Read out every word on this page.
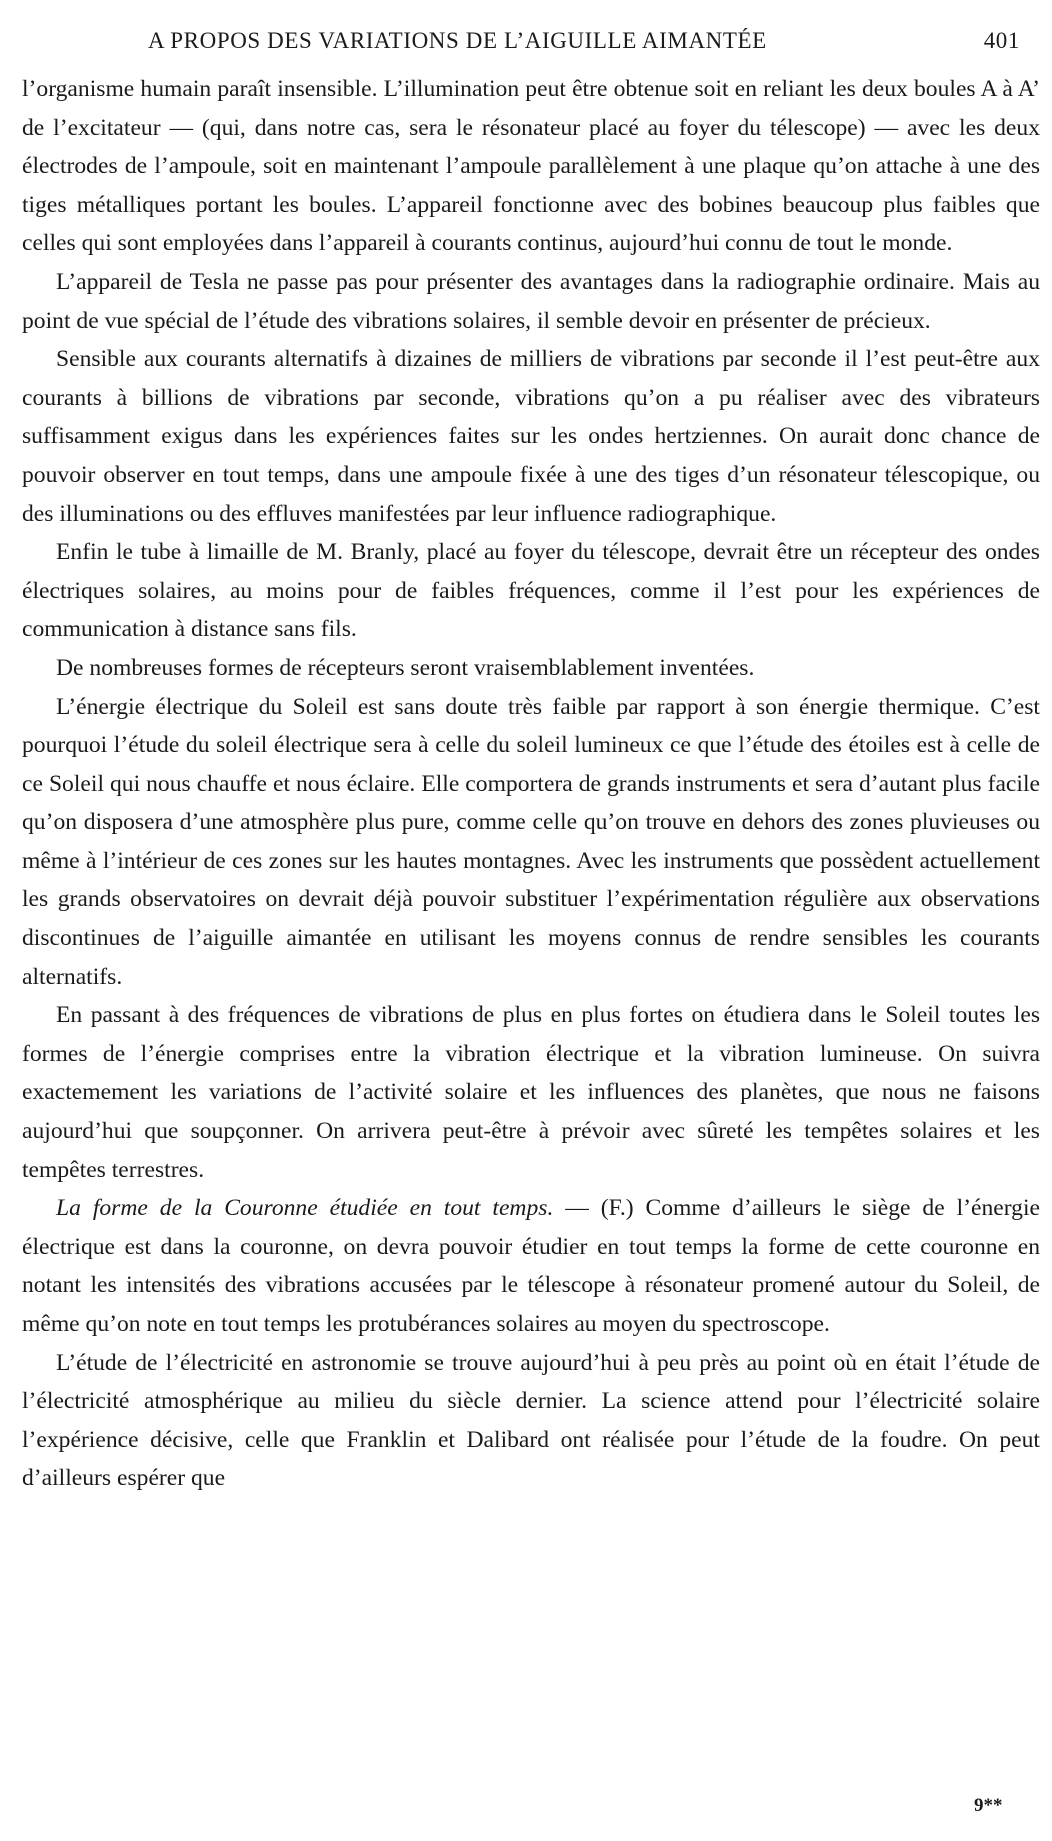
A PROPOS DES VARIATIONS DE L’AIGUILLE AIMANTÉE	401

l’organisme humain paraît insensible. L’illumination peut être obtenue soit en reliant les deux boules A à A’ de l’excitateur — (qui, dans notre cas, sera le résonateur placé au foyer du télescope) — avec les deux électrodes de l’ampoule, soit en maintenant l’ampoule parallèlement à une plaque qu’on attache à une des tiges métalliques portant les boules. L’appareil fonctionne avec des bobines beaucoup plus faibles que celles qui sont employées dans l’appareil à courants continus, aujourd’hui connu de tout le monde.

L’appareil de Tesla ne passe pas pour présenter des avantages dans la radiographie ordinaire. Mais au point de vue spécial de l’étude des vibrations solaires, il semble devoir en présenter de précieux.

Sensible aux courants alternatifs à dizaines de milliers de vibrations par seconde il l’est peut-être aux courants à billions de vibrations par seconde, vibrations qu’on a pu réaliser avec des vibrateurs suffisamment exigus dans les expériences faites sur les ondes hertziennes. On aurait donc chance de pouvoir observer en tout temps, dans une ampoule fixée à une des tiges d’un résonateur télescopique, ou des illuminations ou des effluves manifestées par leur influence radiographique.

Enfin le tube à limaille de M. Branly, placé au foyer du télescope, devrait être un récepteur des ondes électriques solaires, au moins pour de faibles fréquences, comme il l’est pour les expériences de communication à distance sans fils.

De nombreuses formes de récepteurs seront vraisemblablement inventées.

L’énergie électrique du Soleil est sans doute très faible par rapport à son énergie thermique. C’est pourquoi l’étude du soleil électrique sera à celle du soleil lumineux ce que l’étude des étoiles est à celle de ce Soleil qui nous chauffe et nous éclaire. Elle comportera de grands instruments et sera d’autant plus facile qu’on disposera d’une atmosphère plus pure, comme celle qu’on trouve en dehors des zones pluvieuses ou même à l’intérieur de ces zones sur les hautes montagnes. Avec les instruments que possèdent actuellement les grands observatoires on devrait déjà pouvoir substituer l’expérimentation régulière aux observations discontinues de l’aiguille aimantée en utilisant les moyens connus de rendre sensibles les courants alternatifs.

En passant à des fréquences de vibrations de plus en plus fortes on étudiera dans le Soleil toutes les formes de l’énergie comprises entre la vibration électrique et la vibration lumineuse. On suivra exactemement les variations de l’activité solaire et les influences des planètes, que nous ne faisons aujourd’hui que soupçonner. On arrivera peut-être à prévoir avec sûreté les tempêtes solaires et les tempêtes terrestres.

La forme de la Couronne étudiée en tout temps. — (F.) Comme d’ailleurs le siège de l’énergie électrique est dans la couronne, on devra pouvoir étudier en tout temps la forme de cette couronne en notant les intensités des vibrations accusées par le télescope à résonateur promené autour du Soleil, de même qu’on note en tout temps les protubérances solaires au moyen du spectroscope.

L’étude de l’électricité en astronomie se trouve aujourd’hui à peu près au point où en était l’étude de l’électricité atmosphérique au milieu du siècle dernier. La science attend pour l’électricité solaire l’expérience décisive, celle que Franklin et Dalibard ont réalisée pour l’étude de la foudre. On peut d’ailleurs espérer que

9**
